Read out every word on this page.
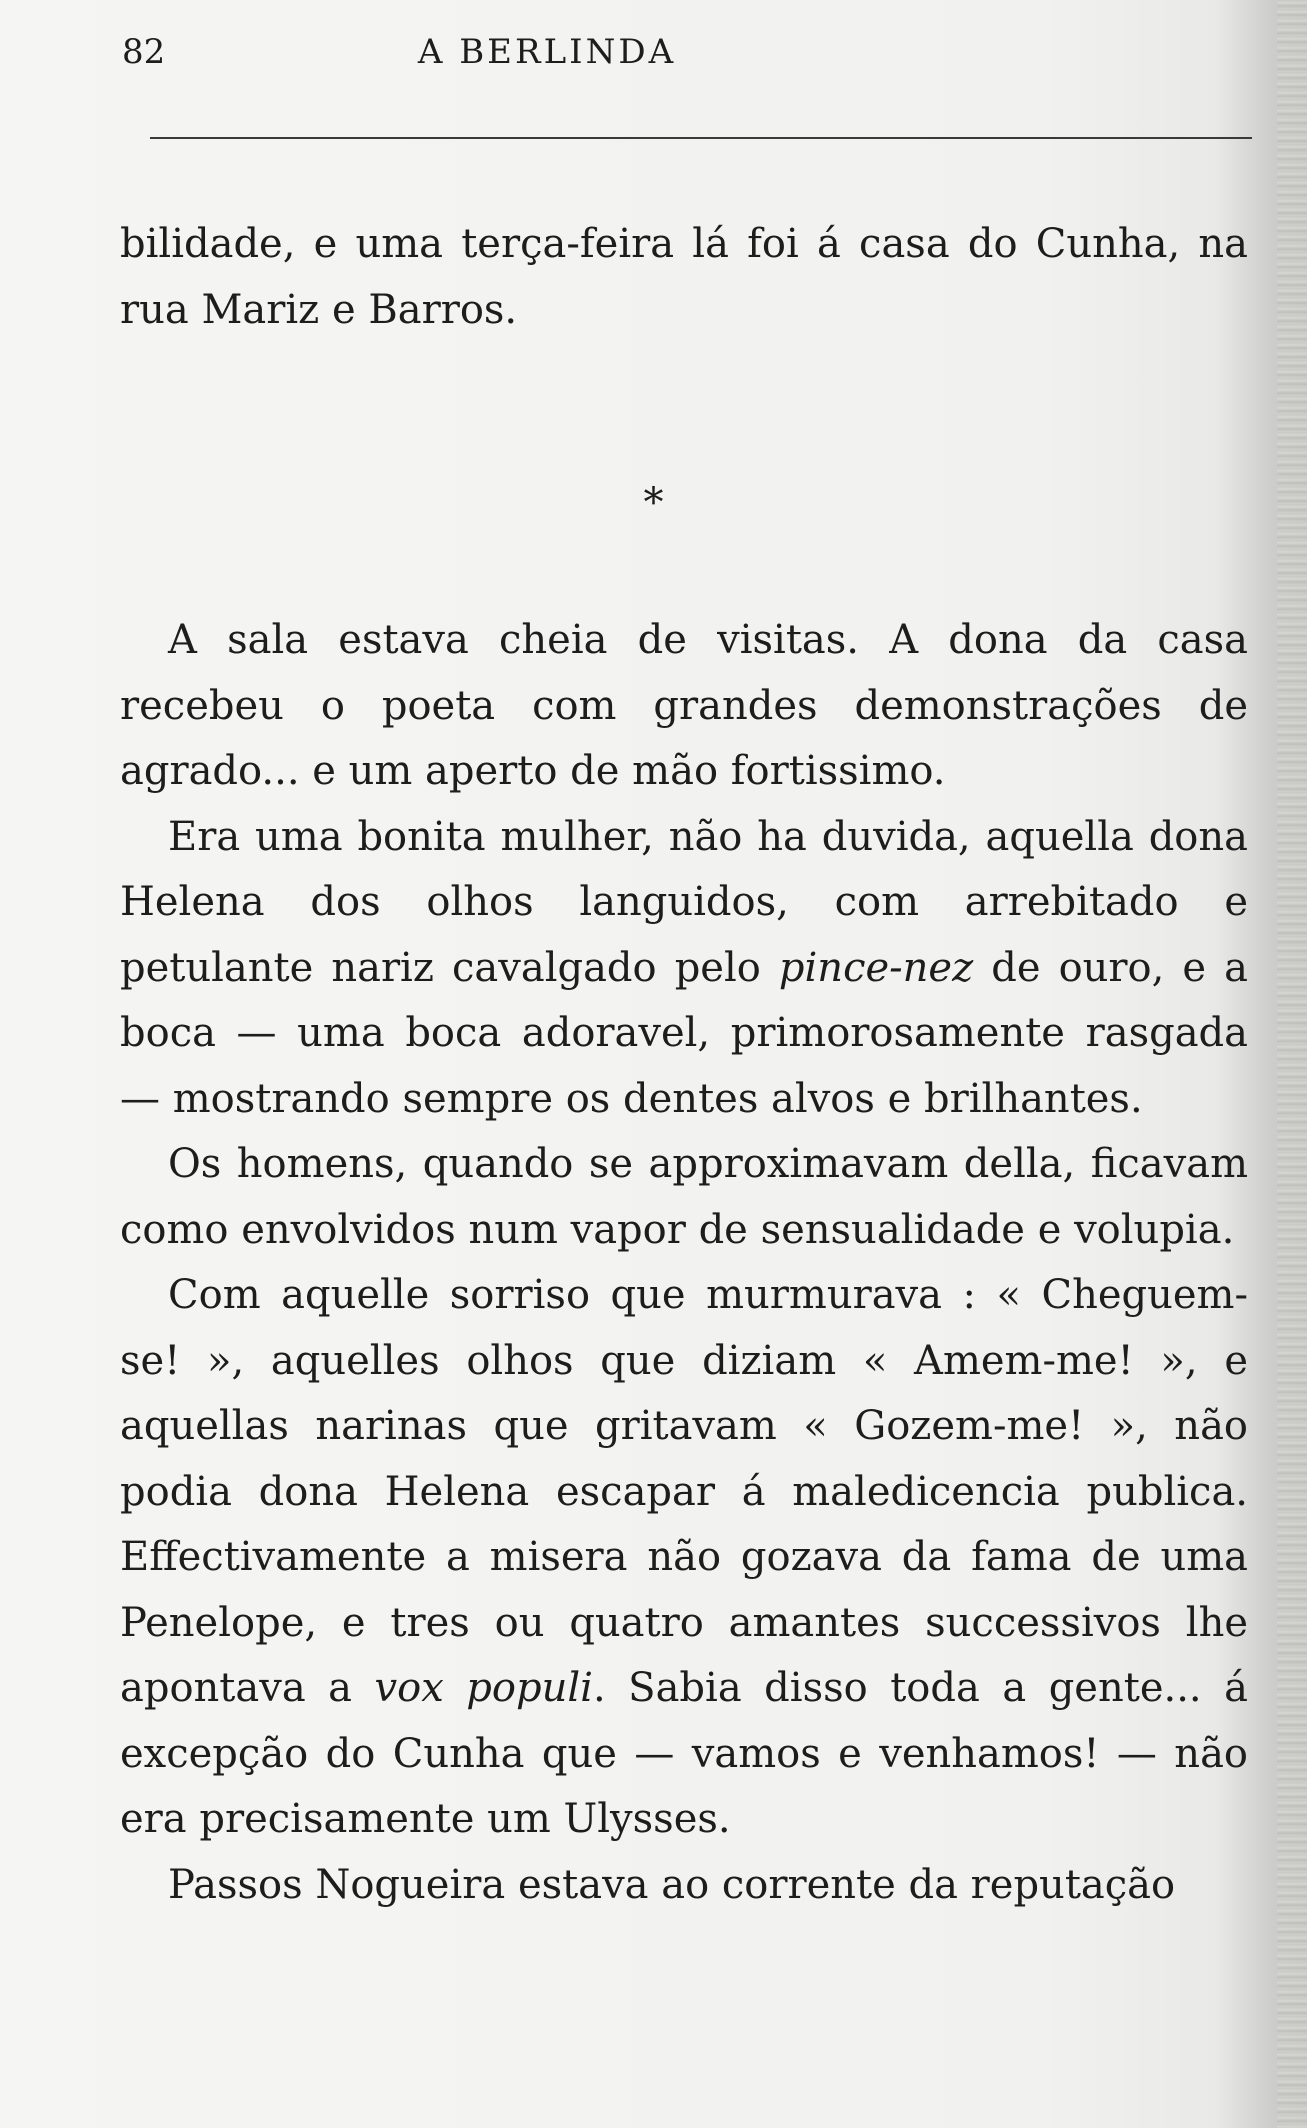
82	A BERLINDA

bilidade, e uma terça-feira lá foi á casa do Cunha, na rua Mariz e Barros.

*

A sala estava cheia de visitas. A dona da casa recebeu o poeta com grandes demonstrações de agrado... e um aperto de mão fortissimo.

Era uma bonita mulher, não ha duvida, aquella dona Helena dos olhos languidos, com arrebitado e petulante nariz cavalgado pelo pince-nez de ouro, e a boca — uma boca adoravel, primorosamente rasgada — mostrando sempre os dentes alvos e brilhantes.

Os homens, quando se approximavam della, ficavam como envolvidos num vapor de sensualidade e volupia.

Com aquelle sorriso que murmurava : « Cheguem-se! », aquelles olhos que diziam « Amem-me! », e aquellas narinas que gritavam « Gozem-me! », não podia dona Helena escapar á maledicencia publica. Effectivamente a misera não gozava da fama de uma Penelope, e tres ou quatro amantes successivos lhe apontava a vox populi. Sabia disso toda a gente... á excepção do Cunha que — vamos e venhamos! — não era precisamente um Ulysses.

Passos Nogueira estava ao corrente da reputação
